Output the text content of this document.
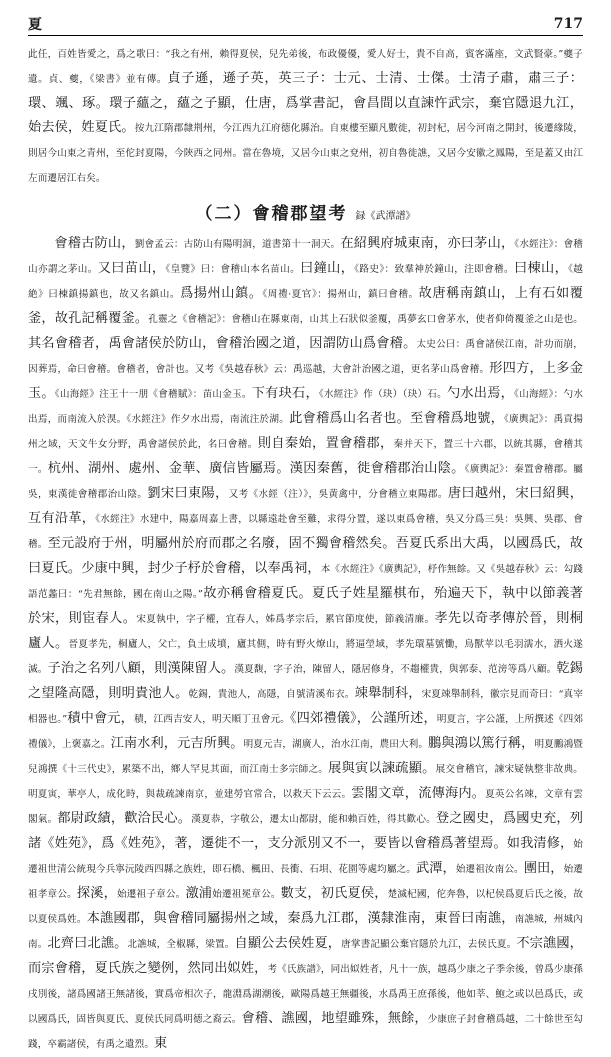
夏	717

此任，百姓皆愛之，爲之歌曰：“我之有州，賴得夏侯，兒先弟後，布政優優，愛人好士，貴不自高，賓客滿座，文武賢豪。”夔子遺。貞、夔，《梁書》並有傳。貞子遜，遜子英，英三子：士元、士清、士傑。士清子肅，肅三子：環、颯、琢。環子蘊之，蘊之子顯，仕唐，爲掌書記，會昌間以直諫忤武宗，棄官隱退九江，始去侯，姓夏氏。按九江隋郡隸荆州，今江西九江府德化縣治。自東樓至顯凡數徙，初封杞，居今河南之開封，後遷緣陵，則居今山東之青州，至佗封夏陽，今陝西之同州。當在魯境，又居今山東之兗州，初自魯徙譙，又居今安徽之鳳陽，至是蓋又由江左而遷居江右矣。

（二）會稽郡望考 録《武潭譜》

會稽古防山，劉會孟云：古防山有陽明洞，道書第十一洞天。在紹興府城東南，亦曰茅山，《水經注》：會稽山亦謂之茅山。又曰苗山，《皇覽》曰：會稽山本名苗山。曰鐘山，《路史》：致羣神於鐘山，注即會稽。曰棟山，《越絶》曰棟鎮揚鎮也，故又名鎮山。爲揚州山鎮。《周禮·夏官》：揚州山，鎮曰會稽。故唐稱南鎮山，上有石如覆釜，故孔記稱覆釜。孔靈之《會稽記》：會稽山在縣東南，山其上石狀似釜覆，禹夢玄口會茅水，使者仰倚覆釜之山是也。其名會稽者，禹會諸侯於防山，會稽治國之道，因謂防山爲會稽。太史公曰：禹會諸侯江南，計功而崩，因葬焉，命曰會稽。會稽者，會計也。又考《吳越春秋》云：禹巡越，大會計治國之道，更名茅山爲會稽。形四方，上多金玉。《山海經》注王十一朋《會稽賦》：苗山金玉。下有玦石，《水經注》作（玦）（玦）石。勺水出焉，《山海經》：勺水出焉，而南流入於湨。《水經注》作夕水出焉，南流注於湖。此會稽爲山名者也。至會稽爲地號，《廣輿記》：禹貢揚州之域，天文牛女分野，禹會諸侯於此，名曰會稽。則自秦始，置會稽郡，秦并天下，置三十六郡，以統其縣，會稽其一。杭州、湖州、處州、金華、廣信皆屬焉。漢因秦舊，徙會稽郡治山陰。《廣輿記》：秦置會稽郡。屬吳，東漢徙會稽郡治山陰。劉宋曰東陽，又考《水經（注）》，吳黄禽中，分會稽立東陽郡。唐曰越州，宋曰紹興，互有沿革，《水經注》水建中，陽嘉周嘉上書，以縣遠赴會至難，求得分置，遂以東爲會稽，吳又分爲三吳：吳興、吳郡、會稽。至元設府于州，明屬州於府而郡之名廢，固不獨會稽然矣。吾夏氏系出大禹，以國爲氏，故曰夏氏。少康中興，封少子杼於會稽，以奉禹祠，本《水經注》《廣輿記》，杼作無餘。又《吳越春秋》云：勾踐語范蠡曰：“先君無餘，國在南山之陽。”故亦稱會稽夏氏。夏氏子姓星羅棋布，殆遍天下，執中以節義著於宋，則宦春人。宋夏執中，字子權，宜春人，姊爲孝宗后，累官節度使，節義清廉。孝先以奇孝傳於晉，則桐廬人。晉夏孝先，桐廬人，父亡，負土成墳，廬其側，時有野火燎山，將逼塋域，孝先環墓號慟，鳥獸苹以毛羽濡水，洒火遂滅。子治之名列八顧，則漢陳留人。漢夏馥，字子治，陳留人，隱居修身，不趨權貴，與郭泰、范滂等爲八顧。乾錫之望隆高隱，則明貴池人。乾錫，貴池人，高隱，自號清溪布衣。竦舉制科，宋夏竦舉制科，徽宗見而奇曰：“真宰相器也。”積中會元，積，江西吉安人，明天順丁丑會元。《四郊禮儀》，公謹所述，明夏言，字公謹，上所撰述《四郊禮儀》，上褒嘉之。江南水利，元吉所興。明夏元吉，湖廣人，治水江南，農田大利。鵬與鴻以篤行稱，明夏鵬鴻暨兒鴻撰《十三代史》，累築不出，鄉人罕見其面，而江南士多宗師之。展與寅以諫疏顯。展交會稽官，諫宋疑執整非故典。明夏寅，華亭人，成化時，與裁疏諫南京，並建勞官常合，以救天下云云。雲閣文章，流傳海内。夏英公名竦，文章有雲閣氣。都尉政績，歡洽民心。漢夏恭，字敬公，遷太山都尉，能和賴百姓，得其歡心。登之國史，爲國史充，列諸《姓苑》，爲《姓苑》，著，遷徙不一，支分派別又不一，要皆以會稽爲著望焉。如我清修，始遷祖世清公統現今兵寧沅陵西四縣之族姓，即石橋、楓田、長衝、石垻、花園等處均屬之。武潭，始遷祖汝南公。團田，始遷祖孝章公。探溪，始遷祖子章公。激浦始遷祖冕章公。數支，初氏夏侯，楚滅杞國，佗奔魯，以杞侯爲夏后氏之後，故以夏侯爲姓。本譙國郡，與會稽同屬揚州之域，秦爲九江郡，漢隸淮南，東晉曰南譙，南譙城，州城內南。北齊曰北譙。北譙城，全椒縣，梁置。自顯公去侯姓夏，唐掌書記顯公棄官隱於九江，去侯氏夏。不宗譙國，而宗會稽，夏氏族之變例，然同出姒姓，考《氏族譜》，同出姒姓者，凡十一族，越爲少康之子季余後，曾爲少康孫戌別後，諸爲國諸王無諸後，實爲帝相次子，龍淵爲湖潮後，歐陽爲越王無疆後，水爲禹王庶孫後，他如莘、鮑之或以邑爲氏，或以國爲氏，固皆與夏氏、夏侯氏同爲明德之裔云。會稽、譙國，地望雖殊，無餘，少康庶子封會稽爲越，二十餘世至勾踐，卒霸諸侯，有禹之遺烈。東
